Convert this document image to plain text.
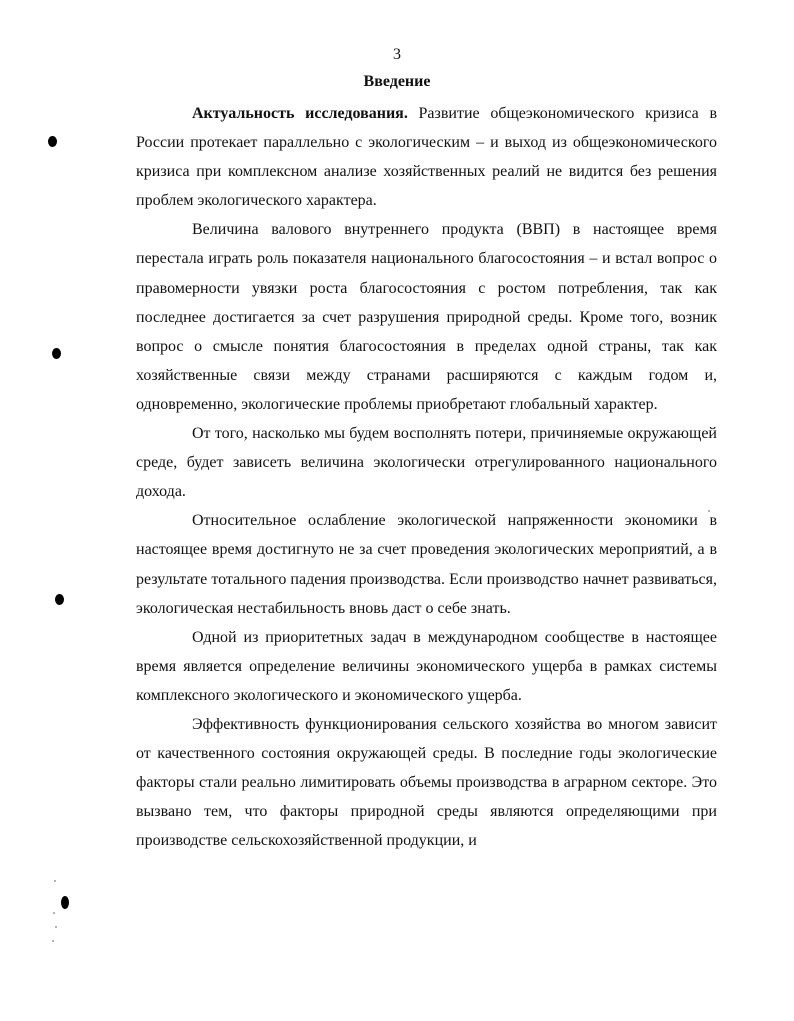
3
Введение

Актуальность исследования. Развитие общеэкономического кризиса в России протекает параллельно с экологическим – и выход из общеэкономического кризиса при комплексном анализе хозяйственных реалий не видится без решения проблем экологического характера.

Величина валового внутреннего продукта (ВВП) в настоящее время перестала играть роль показателя национального благосостояния – и встал вопрос о правомерности увязки роста благосостояния с ростом потребления, так как последнее достигается за счет разрушения природной среды. Кроме того, возник вопрос о смысле понятия благосостояния в пределах одной страны, так как хозяйственные связи между странами расширяются с каждым годом и, одновременно, экологические проблемы приобретают глобальный характер.

От того, насколько мы будем восполнять потери, причиняемые окружающей среде, будет зависеть величина экологически отрегулированного национального дохода.

Относительное ослабление экологической напряженности экономики в настоящее время достигнуто не за счет проведения экологических мероприятий, а в результате тотального падения производства. Если производство начнет развиваться, экологическая нестабильность вновь даст о себе знать.

Одной из приоритетных задач в международном сообществе в настоящее время является определение величины экономического ущерба в рамках системы комплексного экологического и экономического ущерба.

Эффективность функционирования сельского хозяйства во многом зависит от качественного состояния окружающей среды. В последние годы экологические факторы стали реально лимитировать объемы производства в аграрном секторе. Это вызвано тем, что факторы природной среды являются определяющими при производстве сельскохозяйственной продукции, и
